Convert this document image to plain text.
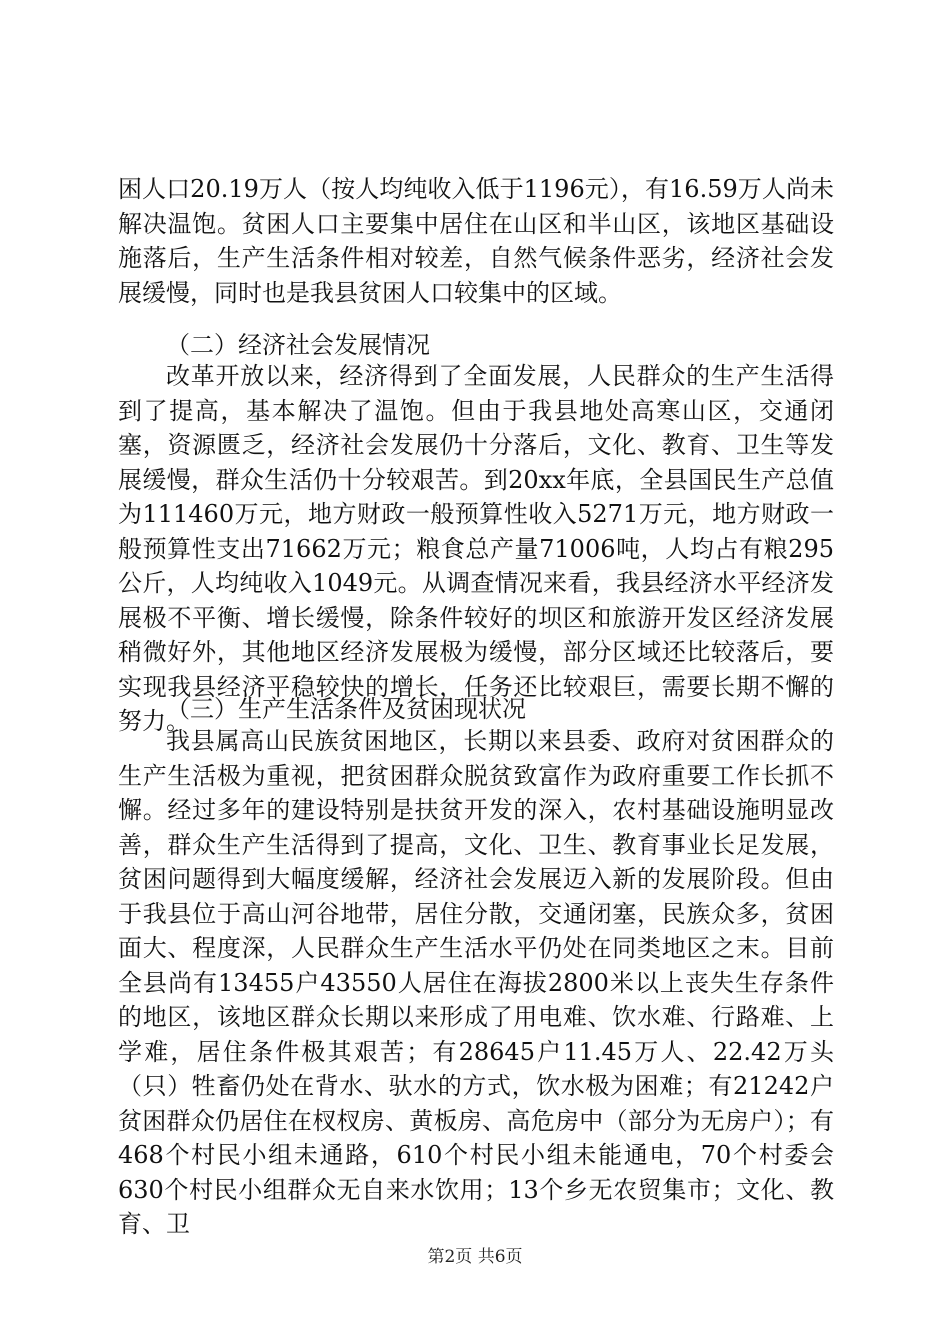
困人口20.19万人（按人均纯收入低于1196元），有16.59万人尚未解决温饱。贫困人口主要集中居住在山区和半山区，该地区基础设施落后，生产生活条件相对较差，自然气候条件恶劣，经济社会发展缓慢，同时也是我县贫困人口较集中的区域。

（二）经济社会发展情况

改革开放以来，经济得到了全面发展，人民群众的生产生活得到了提高，基本解决了温饱。但由于我县地处高寒山区，交通闭塞，资源匮乏，经济社会发展仍十分落后，文化、教育、卫生等发展缓慢，群众生活仍十分较艰苦。到20xx年底，全县国民生产总值为111460万元，地方财政一般预算性收入5271万元，地方财政一般预算性支出71662万元；粮食总产量71006吨，人均占有粮295公斤，人均纯收入1049元。从调查情况来看，我县经济水平经济发展极不平衡、增长缓慢，除条件较好的坝区和旅游开发区经济发展稍微好外，其他地区经济发展极为缓慢，部分区域还比较落后，要实现我县经济平稳较快的增长，任务还比较艰巨，需要长期不懈的努力。

（三）生产生活条件及贫困现状况

我县属高山民族贫困地区，长期以来县委、政府对贫困群众的生产生活极为重视，把贫困群众脱贫致富作为政府重要工作长抓不懈。经过多年的建设特别是扶贫开发的深入，农村基础设施明显改善，群众生产生活得到了提高，文化、卫生、教育事业长足发展，贫困问题得到大幅度缓解，经济社会发展迈入新的发展阶段。但由于我县位于高山河谷地带，居住分散，交通闭塞，民族众多，贫困面大、程度深，人民群众生产生活水平仍处在同类地区之末。目前全县尚有13455户43550人居住在海拔2800米以上丧失生存条件的地区，该地区群众长期以来形成了用电难、饮水难、行路难、上学难，居住条件极其艰苦；有28645户11.45万人、22.42万头（只）牲畜仍处在背水、驮水的方式，饮水极为困难；有21242户贫困群众仍居住在杈杈房、黄板房、高危房中（部分为无房户）；有468个村民小组未通路，610个村民小组未能通电，70个村委会630个村民小组群众无自来水饮用；13个乡无农贸集市；文化、教育、卫

第2页 共6页
